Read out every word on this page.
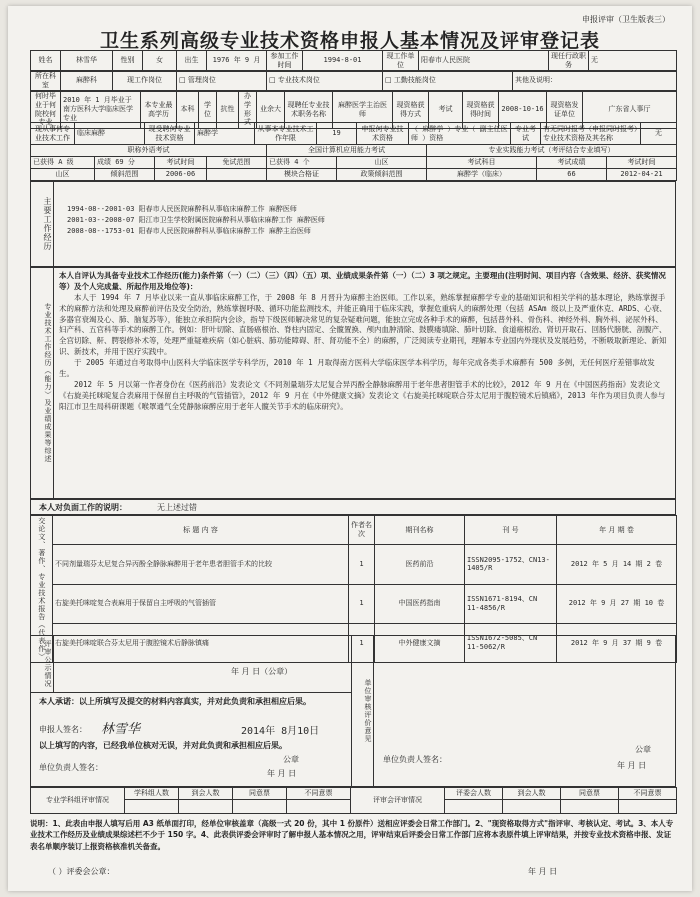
申报评审（卫生版表三）
卫生系列高级专业技术资格申报人基本情况及评审登记表
姓名	林雪华	性别	女	出生	1976 年 9 月	参加工作时间	1994-8-01	现工作单位	阳春市人民医院	现任行政职务	无
所在科室	麻醉科	现工作岗位	□ 管理岗位	□ 专业技术岗位	□ 工勤技能岗位	其他及说明：
何时毕业于何院校何专业	2010 年 1 月毕业于南方医科大学临床医学专业	本专业最高学历	本科	学位	抗性	办学形式	业余大	现聘任专业技术职务名称	麻醉医学主治医师	现资格获得方式	考试	现资格获得时间	2008-10-16	现资格发证单位	广东省人事厅
现从事何专业技术工作	临床麻醉	现受聘何专业技术资格	麻醉学	从事本专业技术工作年限	19	申报何专业技术资格	（ 麻醉学 ）专业（ 副主任医师 ）资格	专业考试	有无同时报考（申报同时报考）专业技术资格及其名称	无
职称外语考试	全国计算机应用能力考试	专业实践能力考试（考评结合专业填写）
已获得 A 级	成绩 69 分	考试时间	免试范围	已获得 4 个	山区	考试科目	考试成绩	考试时间
山区	倾斜范围	2006-06		模块合格证	政策倾斜范围	麻醉学（临床）	66	2012-04-21
主要工作经历 1994-08--2001-03 阳春市人民医院麻醉科从事临床麻醉工作 麻醉医师
2001-03--2008-07 阳江市卫生学校附属医院麻醉科从事临床麻醉工作 麻醉医师
2008-08--1753-01 阳春市人民医院麻醉科从事临床麻醉工作 麻醉主治医师
专业技术工作经历（能力）及业绩成果等综述
本人自评认为具备专业技术工作经历(能力)条件第（一）（二）（三）（四）（五）项、业绩成果条件第（一）（二）3 项之规定。主要理由(注明时间、项目内容（含效果、经济、获奖情况等）及个人完成量、所起作用及地位等)：
本人于 1994 年 7 月毕业以来一直从事临床麻醉工作，于 2008 年 8 月晋升为麻醉主治医师。工作以来，熟练掌握麻醉学专业的基础知识和相关学科的基本理论，熟练掌握手术的麻醉方法和处理及麻醉前评估及安全防治，熟练掌握呼吸、循环功能监测技术，并能正确用于临床实践，掌握危重病人的麻醉处理（包括 ASAm 级以上及严重休克、ARDS、心衰、多器官衰竭及心、肺、脑复苏等），能独立承担院内会诊，指导下级医师解决常见的复杂疑难问题，能独立完成各种手术的麻醉，包括普外科、骨伤科、神经外科、胸外科、泌尿外科、妇产科、五官科等手术的麻醉工作。例如：肝叶切除、直肠癌根治、脊柱内固定、全髋置换、颅内血肿清除、鼓膜瘘填除、肺叶切除、食道癌根治、肾切开取石、回肠代膀胱、剖腹产、全宫切除、鼾、腭裂修补术等，处理严重疑难疾病（如心脏病、肺功能障碍、肝、肾功能不全）的麻醉，广泛阅读专业期刊，理解本专业国内外现状及发展趋势，不断吸取新理论、新知识、新技术，并用于医疗实践中。
于 2005 年通过自考取得中山医科大学临床医学专科学历，2010 年 1 月取得南方医科大学临床医学本科学历，每年完成各类手术麻醉有 500 多例，无任何医疗差错事故发生。
2012 年 5 月以第一作者身份在《医药前沿》发表论文《不同剂量瑞芬太尼复合异丙酚全静脉麻醉用于老年患者胆管手术的比较》，2012 年 9 月在《中国医药指南》发表论文《右旋美托咪啶复合表麻用于保留自主呼吸的气管插管》，2012 年 9 月在《中外健康文摘》发表论文《右旋美托咪啶联合芬太尼用于腹腔镜术后镇痛》，2013 年作为项目负责人参与阳江市卫生局科研课题《喉罩通气全凭静脉麻醉应用于老年人髋关节手术的临床研究》。
本人对负面工作的说明：	无上述过错
交论文、著作、专业技术报告（代表作）	标 题 内 容	作者名次	期刊名称	刊 号	年 月 期 卷
	不同剂量瑞芬太尼复合异丙酚全静脉麻醉用于老年患者胆管手术的比较	1	医药前沿	ISSN2095-1752、CN13-1405/R	2012 年 5 月 14 期 2 卷
	右旋美托咪啶复合表麻用于保留自主呼吸的气管插管	1	中国医药指南	ISSN1671-8194、CN 11-4856/R	2012 年 9 月 27 期 10 卷
	右旋美托咪啶联合芬太尼用于腹腔镜术后静脉镇痛	1	中外健康文摘	ISSN1672-5085、CN 11-5062/R	2012 年 9 月 37 期 9 卷
评审公示情况	年 月 日（公章）
本人承诺：以上所填写及提交的材料内容真实，并对此负责和承担相应后果。
申报人签名： 林雪华	2014年 8月10日
以上填写的内容，已经我单位核对无误，并对此负责和承担相应后果。
单位负责人签名：
公章
年 月 日
单位审核评价意见
单位负责人签名：
公章
年 月 日
专业学科组评审情况	学科组人数	到会人数	同意票	不同意票	评审会评审情况	评委会人数	到会人数	同意票	不同意票

说明：1、此表由申报人填写后用 A3 纸单面打印，经单位审核盖章（高级一式 20 份，其中 1 份原件）送相应评委会日常工作部门。2、"现资格取得方式"指评审、考核认定、考试。3、本人专业技术工作经历及业绩成果综述栏不少于 150 字。4、此表供评委会评审时了解申报人基本情况之用，评审结束后评委会日常工作部门应将本表原件填上评审结果，并按专业技术资格申报、发证表名单顺序装订上报资格核准机关备查。
（ ）评委会公章：	年 月 日
